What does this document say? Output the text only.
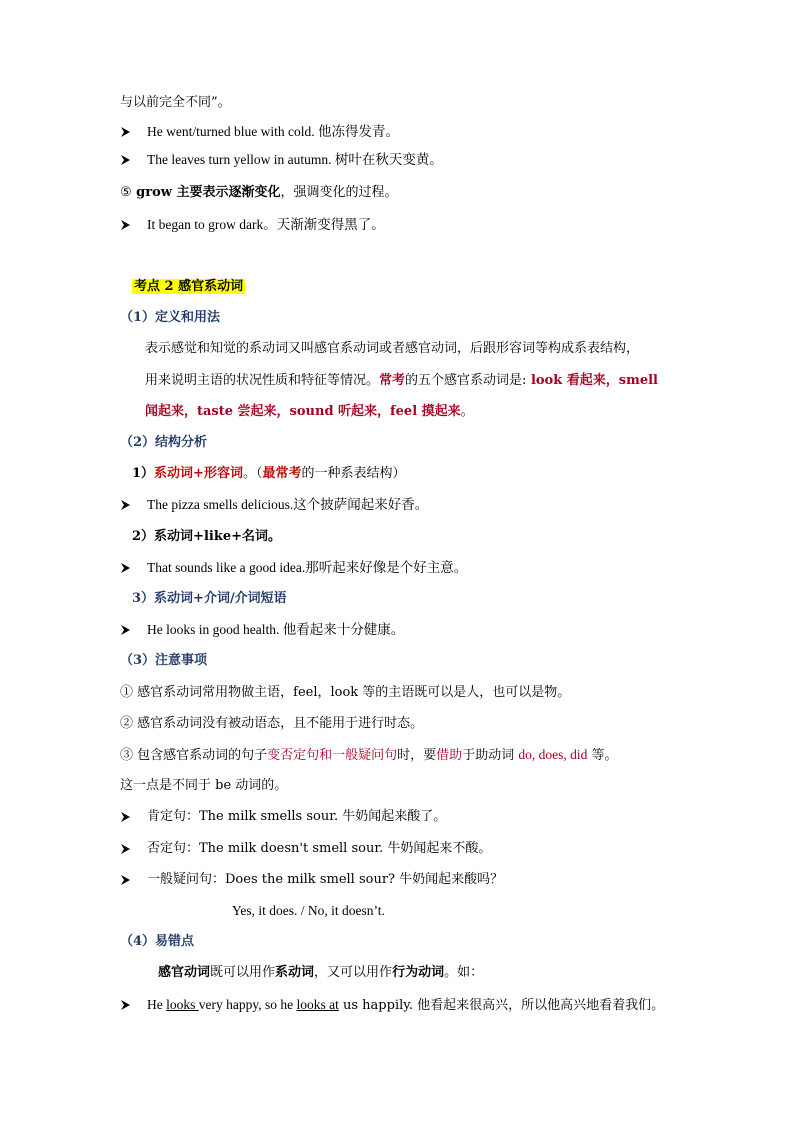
与以前完全不同”。
He went/turned blue with cold. 他冻得发青。
The leaves turn yellow in autumn. 树叶在秋天变黄。
⑤ grow 主要表示逐渐变化，强调变化的过程。
It began to grow dark。天渐渐变得黑了。
考点 2 感官系动词
（1）定义和用法
表示感觉和知觉的系动词又叫感官系动词或者感官动词，后跟形容词等构成系表结构，
用来说明主语的状况性质和特征等情况。常考的五个感官系动词是: look 看起来，smell
闻起来，taste 尝起来，sound 听起来，feel 摸起来。
（2）结构分析
1）系动词+形容词。（最常考的一种系表结构）
The pizza smells delicious.这个披萨闻起来好香。
2）系动词+like+名词。
That sounds like a good idea.那听起来好像是个好主意。
3）系动词+介词/介词短语
He looks in good health. 他看起来十分健康。
（3）注意事项
① 感官系动词常用物做主语，feel，look 等的主语既可以是人，也可以是物。
② 感官系动词没有被动语态，且不能用于进行时态。
③ 包含感官系动词的句子变否定句和一般疑问句时，要借助于助动词 do, does, did 等。
这一点是不同于 be 动词的。
肯定句：The milk smells sour. 牛奶闻起来酸了。
否定句：The milk doesn't smell sour. 牛奶闻起来不酸。
一般疑问句：Does the milk smell sour? 牛奶闻起来酸吗？
Yes, it does. / No, it doesn’t.
（4）易错点
感官动词既可以用作系动词，又可以用作行为动词。如：
He looks very happy, so he looks at us happily. 他看起来很高兴，所以他高兴地看着我们。
